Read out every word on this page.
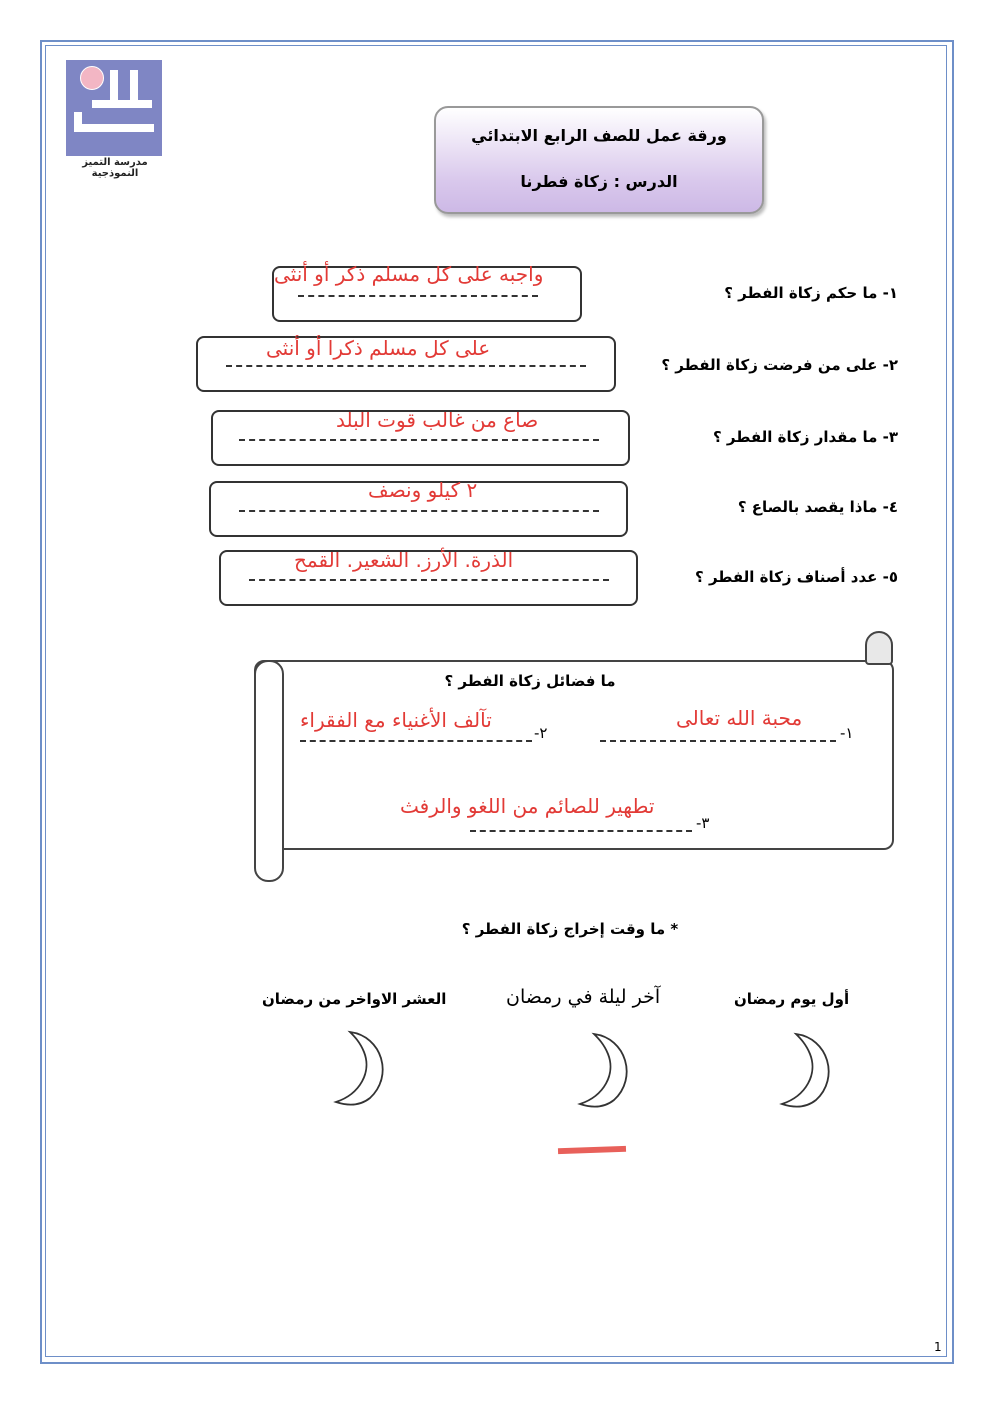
مدرسة التميز النموذجية
ورقة عمل للصف الرابع الابتدائي
الدرس : زكاة فطرنا
١- ما حكم زكاة الفطر ؟
واجبه على كل مسلم ذكر أو أنثى
٢- على من فرضت زكاة الفطر ؟
على كل مسلم ذكرا أو أنثى
٣- ما مقدار زكاة الفطر ؟
صاع من غالب قوت البلد
٤- ماذا يقصد بالصاع ؟
٢ كيلو ونصف
٥- عدد أصناف زكاة الفطر ؟
الذرة. الأرز. الشعير. القمح
ما فضائل زكاة الفطر ؟
١-
محبة الله تعالى
٢-
تآلف الأغنياء مع الفقراء
٣-
تطهير للصائم من اللغو والرفث
* ما وقت إخراج زكاة الفطر ؟
أول يوم رمضان
آخر ليلة في رمضان
العشر الاواخر من رمضان
1
